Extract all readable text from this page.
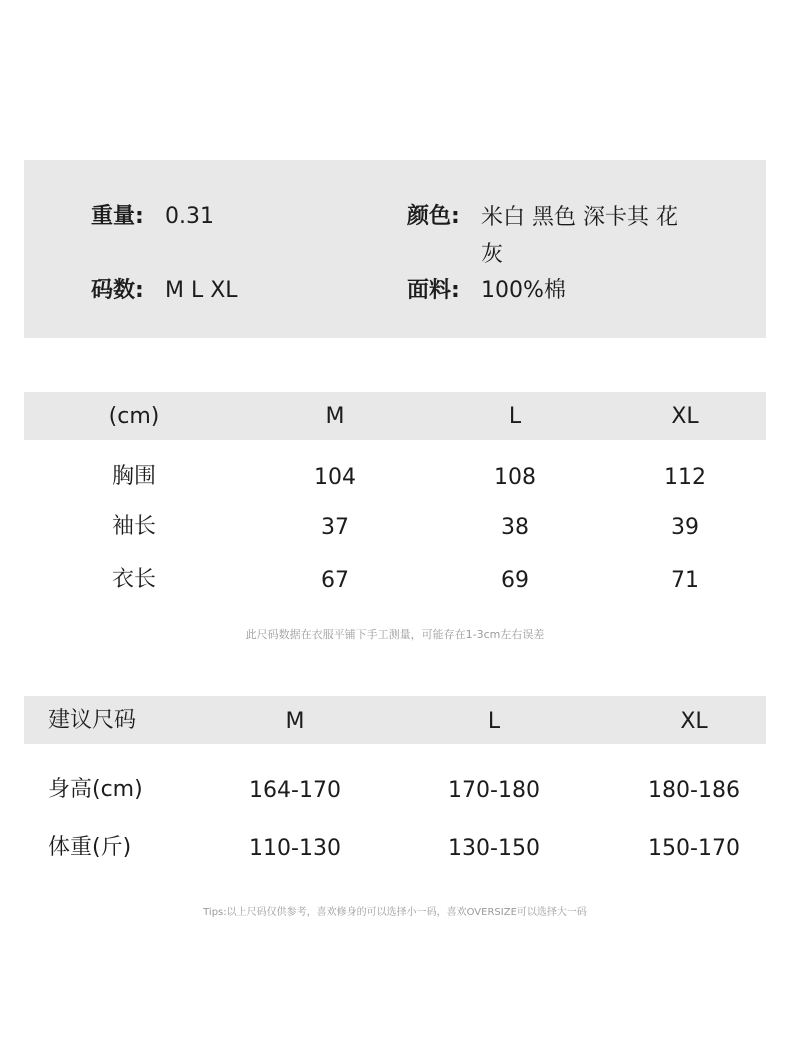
重量: 0.31	颜色: 米白 黑色 深卡其 花灰
码数: M L XL	面料: 100%棉
(cm)	M	L	XL
胸围	104	108	112
袖长	37	38	39
衣长	67	69	71
此尺码数据在衣服平铺下手工测量，可能存在1-3cm左右误差
建议尺码	M	L	XL
身高(cm)	164-170	170-180	180-186
体重(斤)	110-130	130-150	150-170
Tips:以上尺码仅供参考，喜欢修身的可以选择小一码，喜欢OVERSIZE可以选择大一码
